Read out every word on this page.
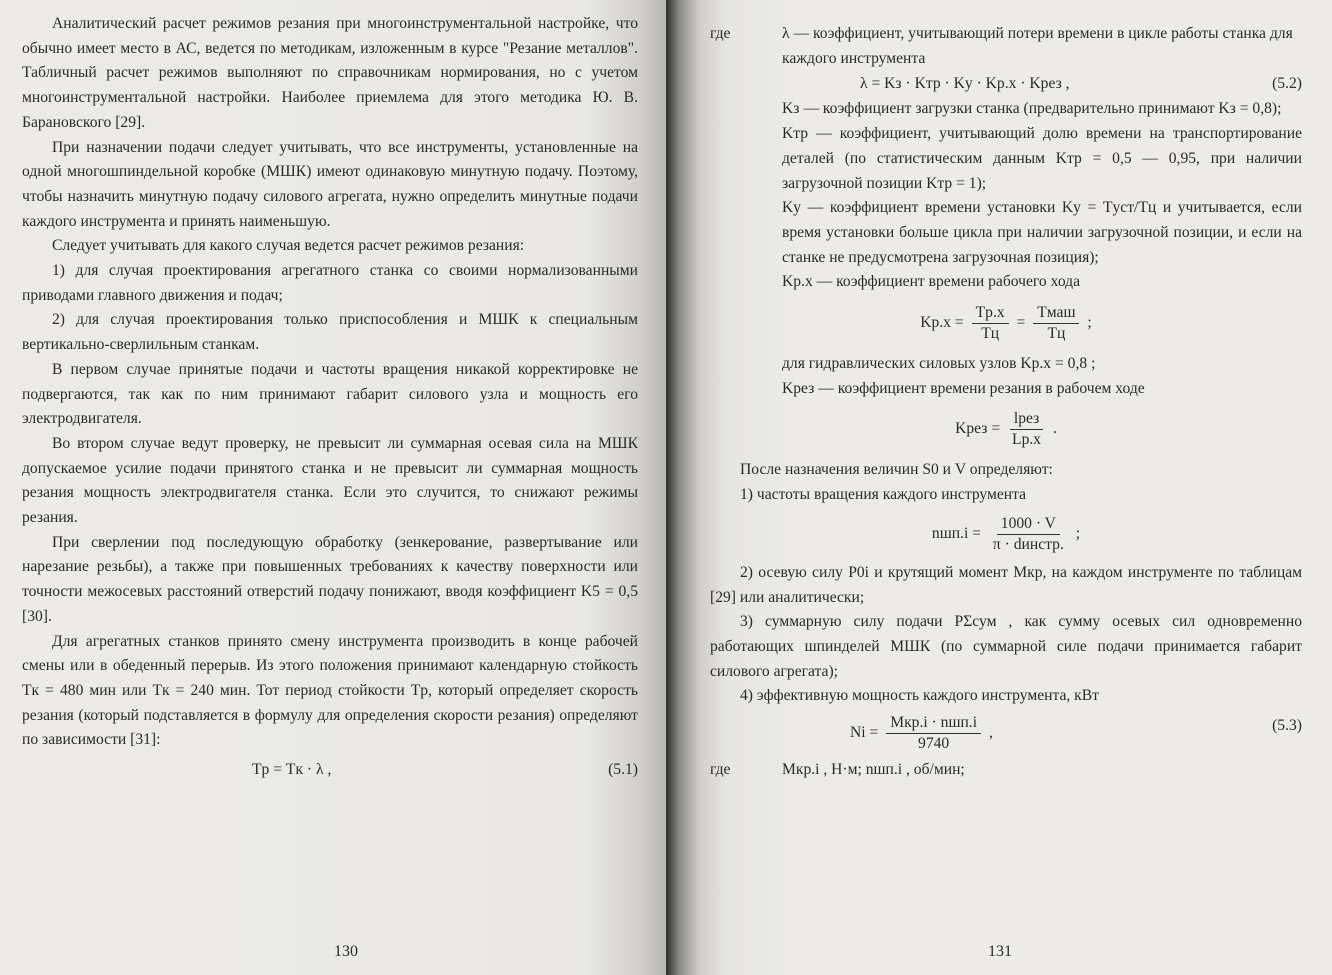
Аналитический расчет режимов резания при многоинструментальной настройке, что обычно имеет место в АС, ведется по методикам, изложенным в курсе "Резание металлов". Табличный расчет режимов выполняют по справочникам нормирования, но с учетом многоинструментальной настройки. Наиболее приемлема для этого методика Ю. В. Барановского [29].

При назначении подачи следует учитывать, что все инструменты, установленные на одной многошпиндельной коробке (МШК) имеют одинаковую минутную подачу. Поэтому, чтобы назначить минутную подачу силового агрегата, нужно определить минутные подачи каждого инструмента и принять наименьшую.

Следует учитывать для какого случая ведется расчет режимов резания:

1) для случая проектирования агрегатного станка со своими нормализованными приводами главного движения и подач;

2) для случая проектирования только приспособления и МШК к специальным вертикально-сверлильным станкам.

В первом случае принятые подачи и частоты вращения никакой корректировке не подвергаются, так как по ним принимают габарит силового узла и мощность его электродвигателя.

Во втором случае ведут проверку, не превысит ли суммарная осевая сила на МШК допускаемое усилие подачи принятого станка и не превысит ли суммарная мощность резания мощность электродвигателя станка. Если это случится, то снижают режимы резания.

При сверлении под последующую обработку (зенкерование, развертывание или нарезание резьбы), а также при повышенных требованиях к качеству поверхности или точности межосевых расстояний отверстий подачу понижают, вводя коэффициент K5 = 0,5 [30].

Для агрегатных станков принято смену инструмента производить в конце рабочей смены или в обеденный перерыв. Из этого положения принимают календарную стойкость Tк = 480 мин или Tк = 240 мин. Тот период стойкости Tр, который определяет скорость резания (который подставляется в формулу для определения скорости резания) определяют по зависимости [31]:

Tр = Tк · λ ,	(5.1)
130
где	λ — коэффициент, учитывающий потери времени в цикле работы станка для каждого инструмента
λ = Kз · Kтр · Kу · Kр.х · Kрез ,	(5.2)

Kз — коэффициент загрузки станка (предварительно принимают Kз = 0,8);

Kтр — коэффициент, учитывающий долю времени на транспортирование деталей (по статистическим данным Kтр = 0,5 — 0,95, при наличии загрузочной позиции Kтр = 1);

Kу — коэффициент времени установки Kу = Tуст/Tц и учитывается, если время установки больше цикла при наличии загрузочной позиции, и если на станке не предусмотрена загрузочная позиция);

Kр.х — коэффициент времени рабочего хода

$Kр.х = \frac{Tр.х}{Tц} = \frac{\text{Tмаш}}{Tц}$ ;

для гидравлических силовых узлов Kр.х = 0,8 ;

Kрез — коэффициент времени резания в рабочем ходе

Kрез = $\frac{\text{lрез}}{Lр.х}$ .

После назначения величин S0 и V определяют:

1) частоты вращения каждого инструмента

$nшп.i = \frac{1000 \cdot V}{\text{π · dинстр.}}$ ;

2) осевую силу P0i и крутящий момент Mкр, на каждом инструменте по таблицам [29] или аналитически;

3) суммарную силу подачи PΣсум , как сумму осевых сил одновременно работающих шпинделей МШК (по суммарной силе подачи принимается габарит силового агрегата);

4) эффективную мощность каждого инструмента, кВт

$Ni = \frac{\text{Mкр.i · nшп.i}}{9740}$ ,	(5.3)
где	Mкр.i , Н·м; nшп.i , об/мин;
131
